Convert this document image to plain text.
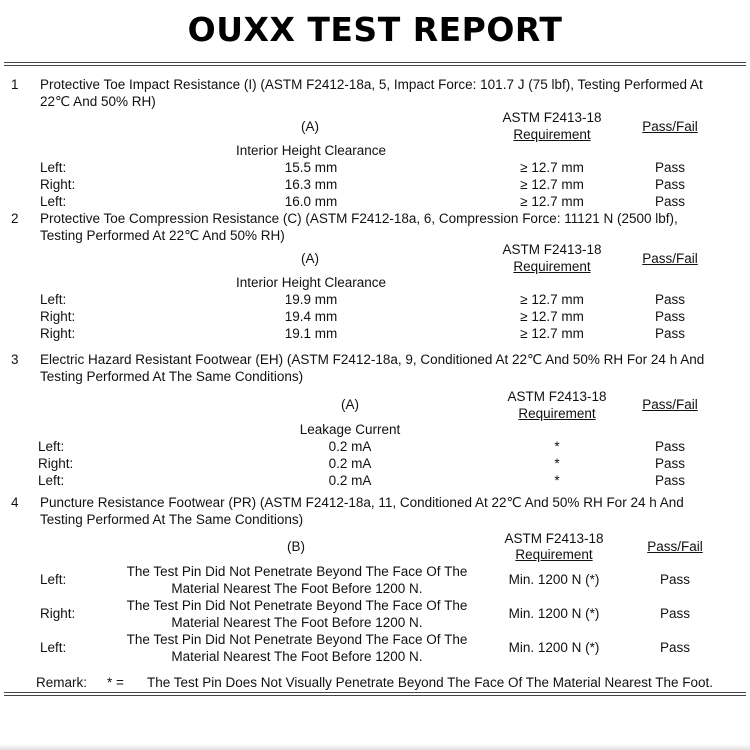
OUXX TEST REPORT
1 Protective Toe Impact Resistance (I) (ASTM F2412-18a, 5, Impact Force: 101.7 J (75 lbf), Testing Performed At
22℃ And 50% RH)
(A)
ASTM F2413-18
Requirement
Pass/Fail
Interior Height Clearance
Left:	15.5 mm	≥ 12.7 mm	Pass
Right:	16.3 mm	≥ 12.7 mm	Pass
Left:	16.0 mm	≥ 12.7 mm	Pass
2 Protective Toe Compression Resistance (C) (ASTM F2412-18a, 6, Compression Force: 11121 N (2500 lbf),
Testing Performed At 22℃ And 50% RH)
(A)
ASTM F2413-18
Requirement
Pass/Fail
Interior Height Clearance
Left:	19.9 mm	≥ 12.7 mm	Pass
Right:	19.4 mm	≥ 12.7 mm	Pass
Right:	19.1 mm	≥ 12.7 mm	Pass
3 Electric Hazard Resistant Footwear (EH) (ASTM F2412-18a, 9, Conditioned At 22℃ And 50% RH For 24 h And
Testing Performed At The Same Conditions)
(A)
ASTM F2413-18
Requirement
Pass/Fail
Leakage Current
Left:	0.2 mA	*	Pass
Right:	0.2 mA	*	Pass
Left:	0.2 mA	*	Pass
4 Puncture Resistance Footwear (PR) (ASTM F2412-18a, 11, Conditioned At 22℃ And 50% RH For 24 h And
Testing Performed At The Same Conditions)
(B)
ASTM F2413-18
Requirement
Pass/Fail
Left:
The Test Pin Did Not Penetrate Beyond The Face Of The
Material Nearest The Foot Before 1200 N.
Min. 1200 N (*)	Pass
Right:
The Test Pin Did Not Penetrate Beyond The Face Of The
Material Nearest The Foot Before 1200 N.
Min. 1200 N (*)	Pass
Left:
The Test Pin Did Not Penetrate Beyond The Face Of The
Material Nearest The Foot Before 1200 N.
Min. 1200 N (*)	Pass
Remark: * = The Test Pin Does Not Visually Penetrate Beyond The Face Of The Material Nearest The Foot.
